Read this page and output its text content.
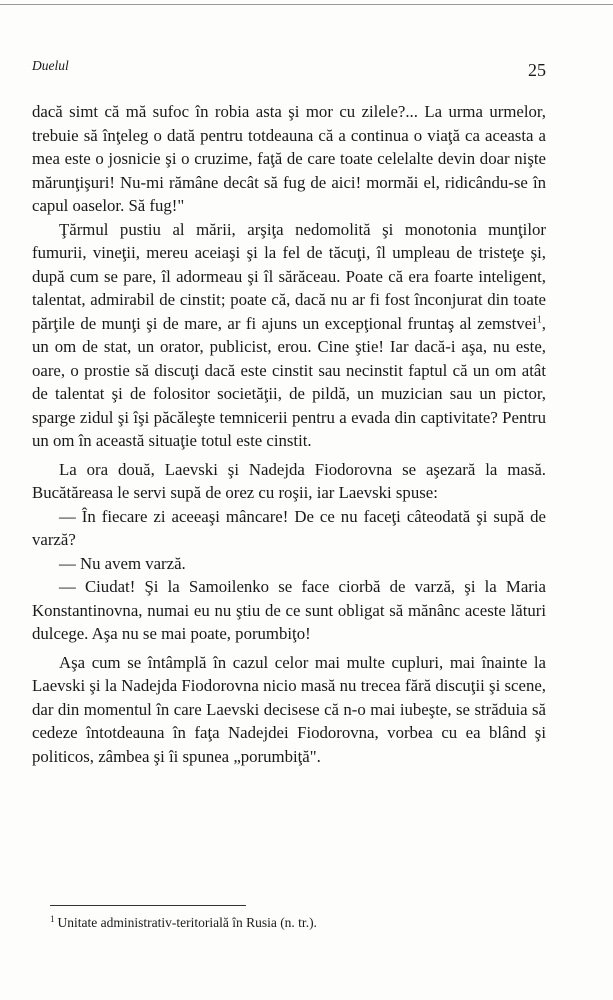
Duelul	25

dacă simt că mă sufoc în robia asta şi mor cu zilele?... La urma urmelor, trebuie să înţeleg o dată pentru totdeauna că a continua o viaţă ca aceasta a mea este o josnicie şi o cruzime, faţă de care toate celelalte devin doar nişte mărunţişuri! Nu-mi rămâne decât să fug de aici! mormăi el, ridicându-se în capul oaselor. Să fug!"

Ţărmul pustiu al mării, arşiţa nedomolită şi monotonia munţilor fumurii, vineţii, mereu aceiaşi şi la fel de tăcuţi, îl umpleau de tristeţe şi, după cum se pare, îl adormeau şi îl sărăceau. Poate că era foarte inteligent, talentat, admirabil de cinstit; poate că, dacă nu ar fi fost înconjurat din toate părţile de munţi şi de mare, ar fi ajuns un excepţional fruntaş al zemstvei$^1$, un om de stat, un orator, publicist, erou. Cine ştie! Iar dacă-i aşa, nu este, oare, o prostie să discuţi dacă este cinstit sau necinstit faptul că un om atât de talentat şi de folositor societăţii, de pildă, un muzician sau un pictor, sparge zidul şi îşi păcăleşte temnicerii pentru a evada din captivitate? Pentru un om în această situaţie totul este cinstit.

La ora două, Laevski şi Nadejda Fiodorovna se aşezară la masă. Bucătăreasa le servi supă de orez cu roşii, iar Laevski spuse:

— În fiecare zi aceeaşi mâncare! De ce nu faceţi câteodată şi supă de varză?

— Nu avem varză.

— Ciudat! Şi la Samoilenko se face ciorbă de varză, şi la Maria Konstantinovna, numai eu nu ştiu de ce sunt obligat să mănânc aceste lături dulcege. Aşa nu se mai poate, porumbiţo!

Aşa cum se întâmplă în cazul celor mai multe cupluri, mai înainte la Laevski şi la Nadejda Fiodorovna nicio masă nu trecea fără discuţii şi scene, dar din momentul în care Laevski decisese că n-o mai iubeşte, se străduia să cedeze întotdeauna în faţa Nadejdei Fiodorovna, vorbea cu ea blând şi politicos, zâmbea şi îi spunea „porumbiţă".

$^1$ Unitate administrativ-teritorială în Rusia (n. tr.).
